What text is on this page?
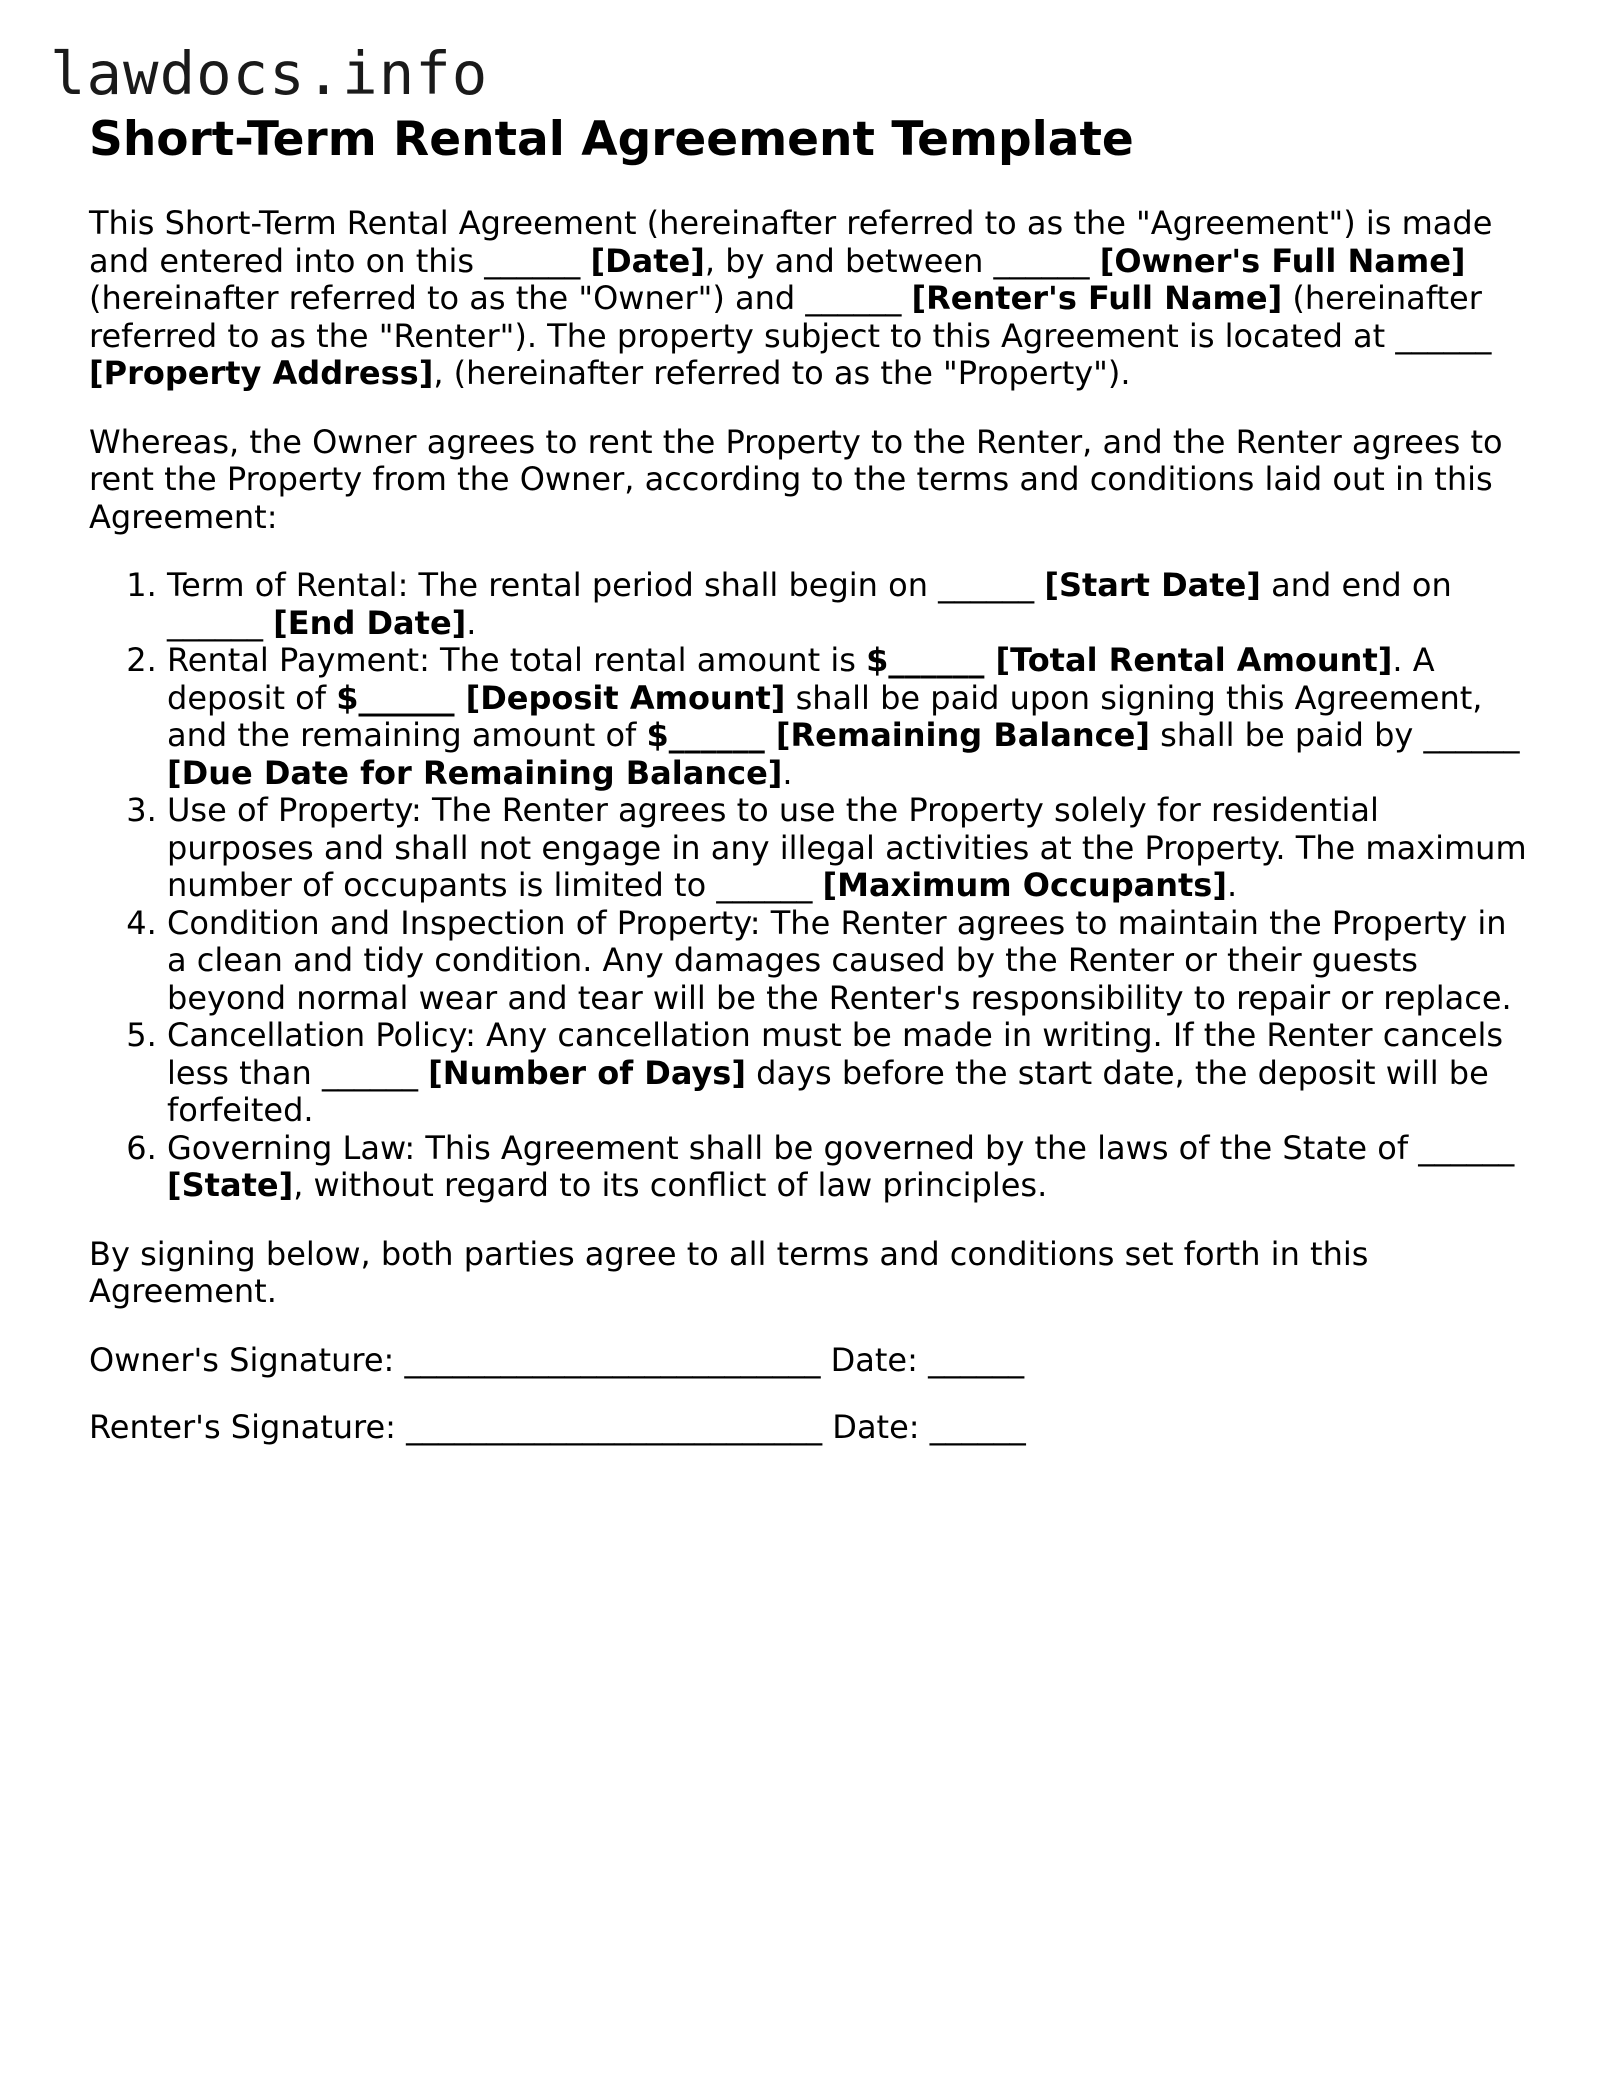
lawdocs.info
Short-Term Rental Agreement Template

This Short-Term Rental Agreement (hereinafter referred to as the "Agreement") is made and entered into on this ______ [Date], by and between ______ [Owner's Full Name] (hereinafter referred to as the "Owner") and ______ [Renter's Full Name] (hereinafter referred to as the "Renter"). The property subject to this Agreement is located at ______ [Property Address], (hereinafter referred to as the "Property").

Whereas, the Owner agrees to rent the Property to the Renter, and the Renter agrees to rent the Property from the Owner, according to the terms and conditions laid out in this Agreement:

1. Term of Rental: The rental period shall begin on ______ [Start Date] and end on ______ [End Date].
2. Rental Payment: The total rental amount is $______ [Total Rental Amount]. A deposit of $______ [Deposit Amount] shall be paid upon signing this Agreement, and the remaining amount of $______ [Remaining Balance] shall be paid by ______ [Due Date for Remaining Balance].
3. Use of Property: The Renter agrees to use the Property solely for residential purposes and shall not engage in any illegal activities at the Property. The maximum number of occupants is limited to ______ [Maximum Occupants].
4. Condition and Inspection of Property: The Renter agrees to maintain the Property in a clean and tidy condition. Any damages caused by the Renter or their guests beyond normal wear and tear will be the Renter's responsibility to repair or replace.
5. Cancellation Policy: Any cancellation must be made in writing. If the Renter cancels less than ______ [Number of Days] days before the start date, the deposit will be forfeited.
6. Governing Law: This Agreement shall be governed by the laws of the State of ______ [State], without regard to its conflict of law principles.

By signing below, both parties agree to all terms and conditions set forth in this Agreement.

Owner's Signature: __________________________ Date: ______

Renter's Signature: __________________________ Date: ______
